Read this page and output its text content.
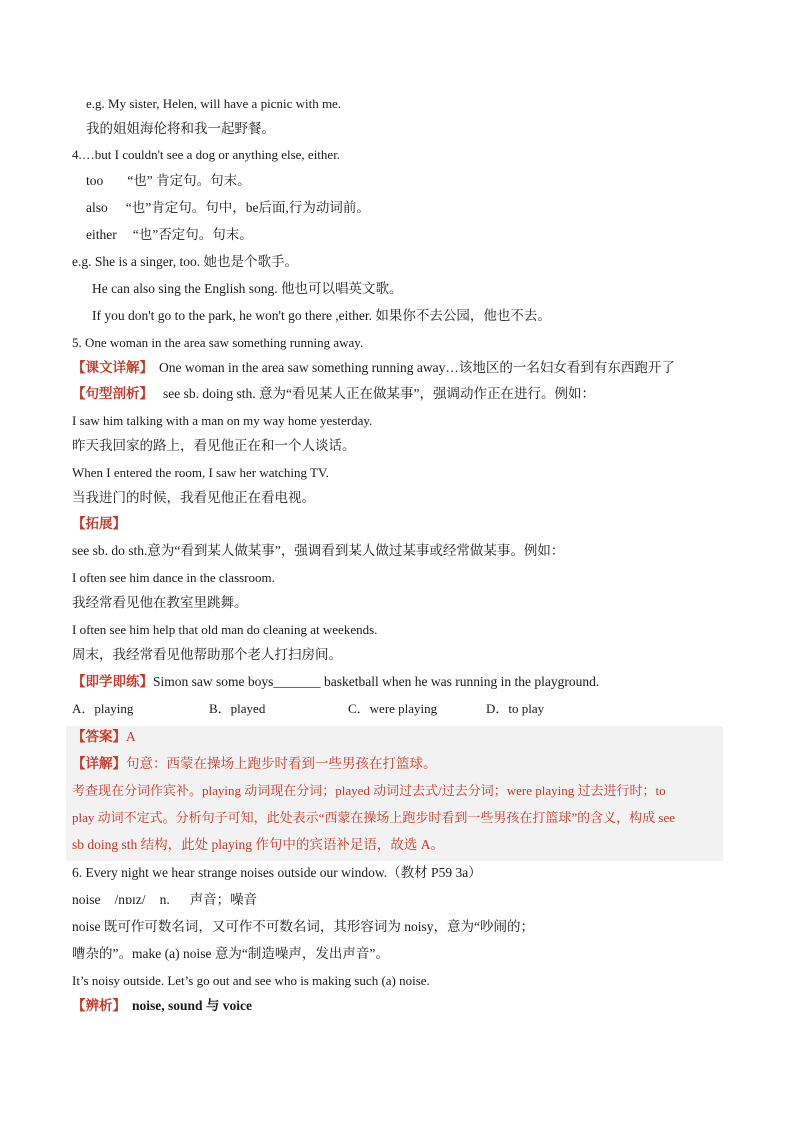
e.g. My sister, Helen, will have a picnic with me.
我的姐姐海伦将和我一起野餐。
4.…but I couldn't see a dog or anything else, either.
too “也” 肯定句。句末。
also “也”肯定句。句中，be后面,行为动词前。
either “也”否定句。句末。
e.g. She is a singer, too. 她也是个歌手。
He can also sing the English song. 他也可以唱英文歌。
If you don't go to the park, he won't go there ,either. 如果你不去公园，他也不去。
5. One woman in the area saw something running away.
【课文详解】 One woman in the area saw something running away…该地区的一名妇女看到有东西跑开了
【句型剖析】 see sb. doing sth. 意为“看见某人正在做某事”，强调动作正在进行。例如：
I saw him talking with a man on my way home yesterday.
昨天我回家的路上，看见他正在和一个人谈话。
When I entered the room, I saw her watching TV.
当我进门的时候，我看见他正在看电视。
【拓展】
see sb. do sth.意为“看到某人做某事”，强调看到某人做过某事或经常做某事。例如：
I often see him dance in the classroom.
我经常看见他在教室里跳舞。
I often see him help that old man do cleaning at weekends.
周末，我经常看见他帮助那个老人打扫房间。
【即学即练】Simon saw some boys_______ basketball when he was running in the playground.
A．playing	B．played	C．were playing	D．to play
【答案】A
【详解】句意：西蒙在操场上跑步时看到一些男孩在打篮球。
考查现在分词作宾补。playing 动词现在分词；played 动词过去式/过去分词；were playing 过去进行时；to
play 动词不定式。分析句子可知，此处表示“西蒙在操场上跑步时看到一些男孩在打篮球”的含义，构成 see
sb doing sth 结构，此处 playing 作句中的宾语补足语，故选 A。
6. Every night we hear strange noises outside our window.（教材 P59 3a）
noise /nɒɪz/ n. 声音；噪音
noise 既可作可数名词，又可作不可数名词，其形容词为 noisy，意为“吵闹的；
嘈杂的”。make (a) noise 意为“制造噪声，发出声音”。
It’s noisy outside. Let’s go out and see who is making such (a) noise.
【辨析】 noise, sound 与 voice
